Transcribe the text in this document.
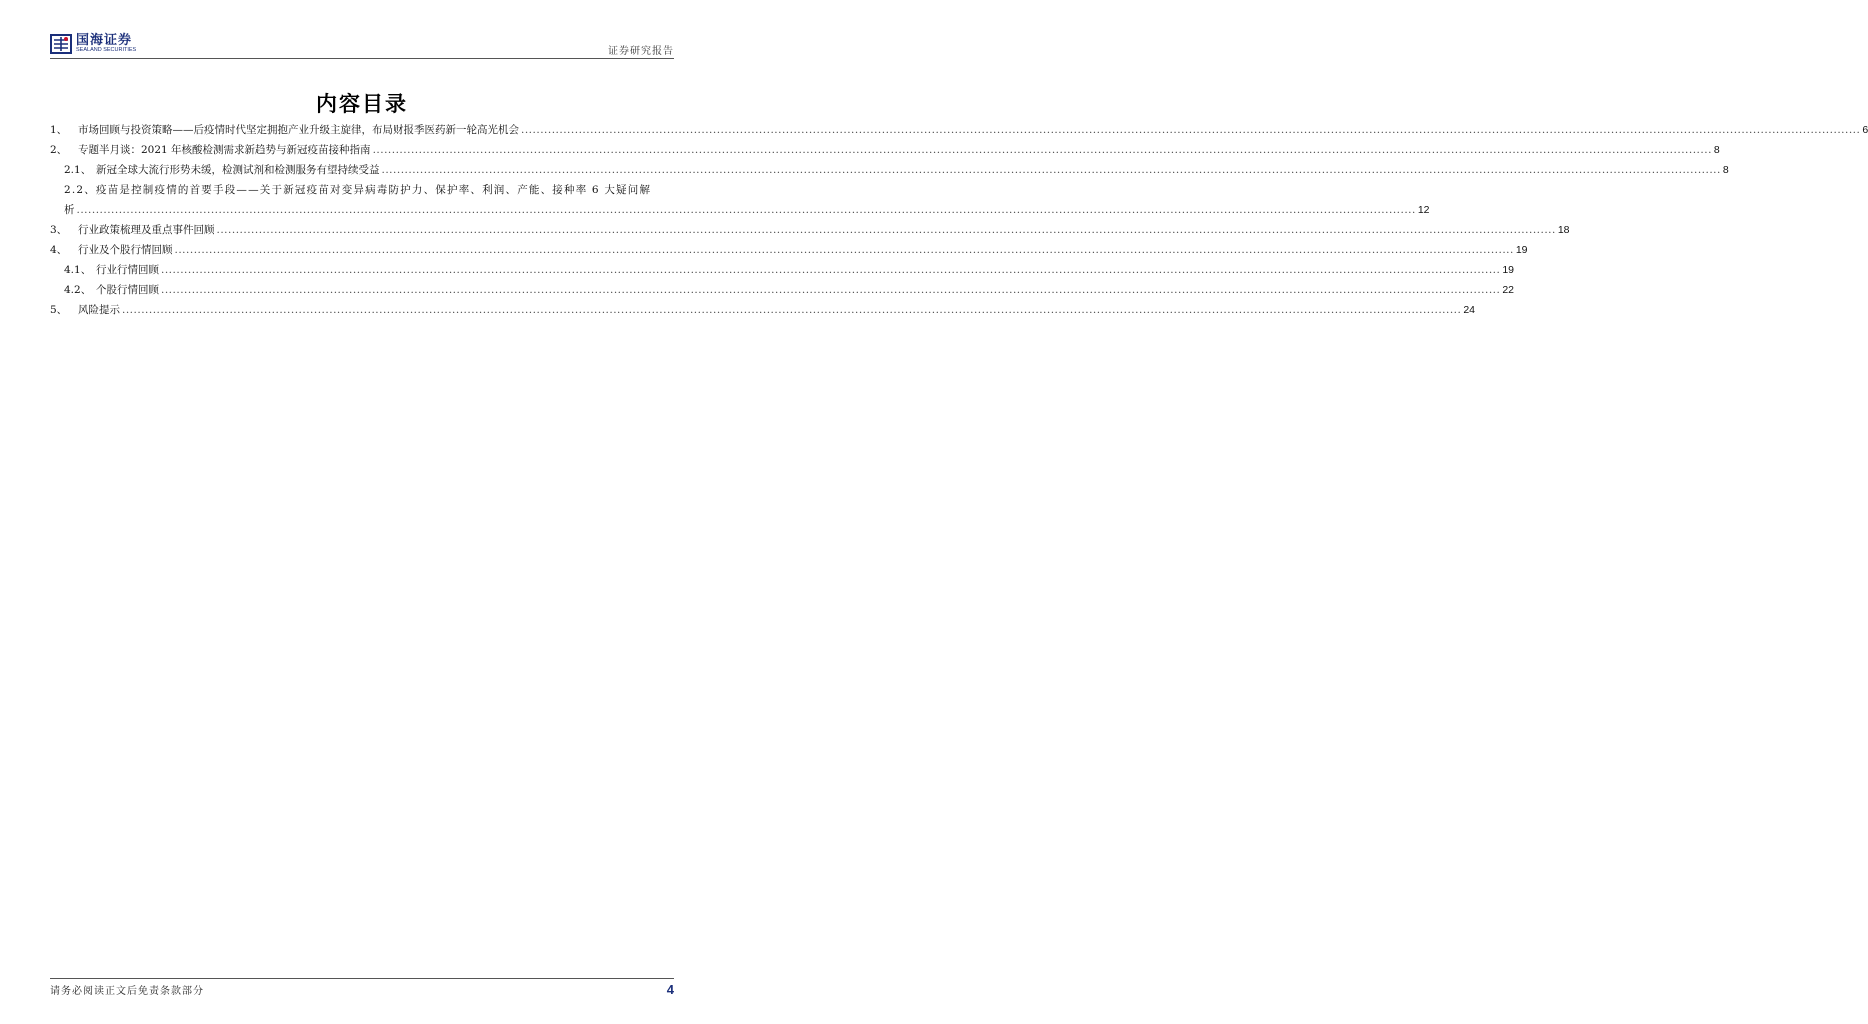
国海证券
SEALAND SECURITIES	证券研究报告
内容目录
1、	市场回顾与投资策略——后疫情时代坚定拥抱产业升级主旋律，布局财报季医药新一轮高光机会 .....	6
2、	专题半月谈：2021 年核酸检测需求新趋势与新冠疫苗接种指南 .....	8
2.1、 新冠全球大流行形势未缓，检测试剂和检测服务有望持续受益 .....	8
2.2、 疫苗是控制疫情的首要手段——关于新冠疫苗对变异病毒防护力、保护率、利润、产能、接种率 6 大疑问解
析 .....	12
3、	行业政策梳理及重点事件回顾 .....	18
4、	行业及个股行情回顾 .....	19
4.1、 行业行情回顾 .....	19
4.2、 个股行情回顾 .....	22
5、	风险提示 .....	24
请务必阅读正文后免责条款部分	4
